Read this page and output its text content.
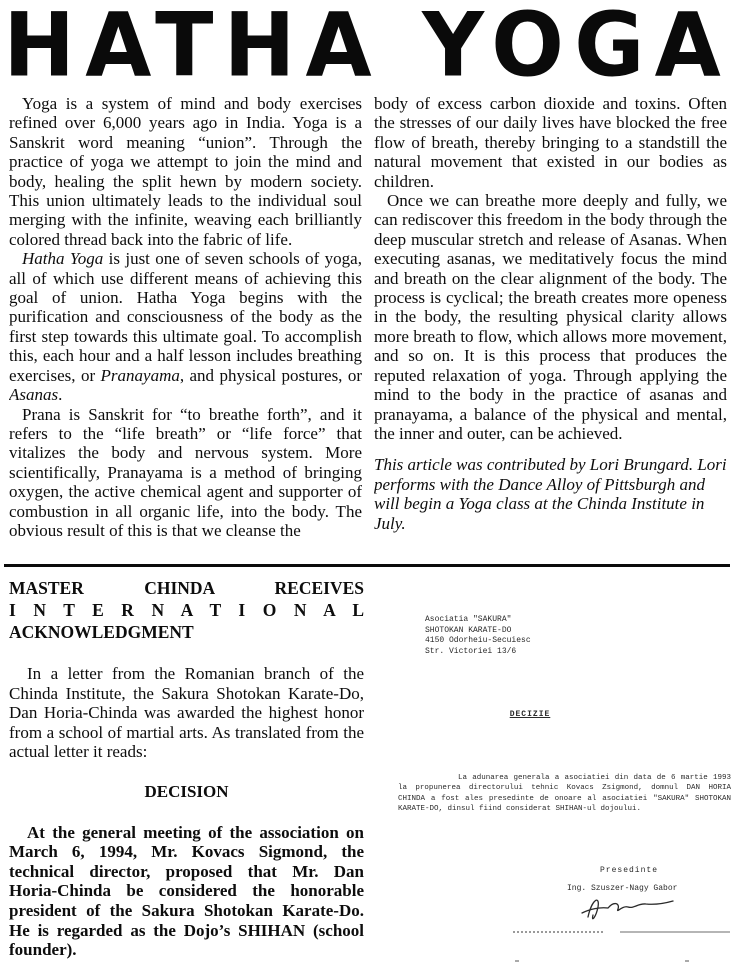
HATHA YOGA

Yoga is a system of mind and body exercises refined over 6,000 years ago in India. Yoga is a Sanskrit word meaning “union”. Through the practice of yoga we attempt to join the mind and body, healing the split hewn by modern society. This union ultimately leads to the individual soul merging with the infinite, weaving each brilliantly colored thread back into the fabric of life.

Hatha Yoga is just one of seven schools of yoga, all of which use different means of achieving this goal of union. Hatha Yoga begins with the purification and consciousness of the body as the first step towards this ultimate goal. To accomplish this, each hour and a half lesson includes breathing exercises, or Pranayama, and physical postures, or Asanas.

Prana is Sanskrit for “to breathe forth”, and it refers to the “life breath” or “life force” that vitalizes the body and nervous system. More scientifically, Pranayama is a method of bringing oxygen, the active chemical agent and supporter of combustion in all organic life, into the body. The obvious result of this is that we cleanse the

body of excess carbon dioxide and toxins. Often the stresses of our daily lives have blocked the free flow of breath, thereby bringing to a standstill the natural movement that existed in our bodies as children.

Once we can breathe more deeply and fully, we can rediscover this freedom in the body through the deep muscular stretch and release of Asanas. When executing asanas, we meditatively focus the mind and breath on the clear alignment of the body. The process is cyclical; the breath creates more openess in the body, the resulting physical clarity allows more breath to flow, which allows more movement, and so on. It is this process that produces the reputed relaxation of yoga. Through applying the mind to the body in the practice of asanas and pranayama, a balance of the physical and mental, the inner and outer, can be achieved.

This article was contributed by Lori Brungard. Lori performs with the Dance Alloy of Pittsburgh and will begin a Yoga class at the Chinda Institute in July.

MASTER CHINDA RECEIVES
I N T E R N A T I O N A L
ACKNOWLEDGMENT

In a letter from the Romanian branch of the Chinda Institute, the Sakura Shotokan Karate-Do, Dan Horia-Chinda was awarded the highest honor from a school of martial arts. As translated from the actual letter it reads:

DECISION

At the general meeting of the association on March 6, 1994, Mr. Kovacs Sigmond, the technical director, proposed that Mr. Dan Horia-Chinda be considered the honorable president of the Sakura Shotokan Karate-Do. He is regarded as the Dojo’s SHIHAN (school founder).

Asociatia "SAKURA"
SHOTOKAN KARATE-DO
4150 Odorheiu-Secuiesc
Str. Victoriei 13/6
DECIZIE
La adunarea generala a asociatiei din data de 6 martie 1993 la propunerea directorului tehnic Kovacs Zsigmond, domnul DAN HORIA CHINDA a fost ales presedinte de onoare al asociatiei "SAKURA" SHOTOKAN KARATE-DO, dinsul fiind considerat SHIHAN-ul dojoului.
Presedinte
Ing. Szuszer-Nagy Gabor
